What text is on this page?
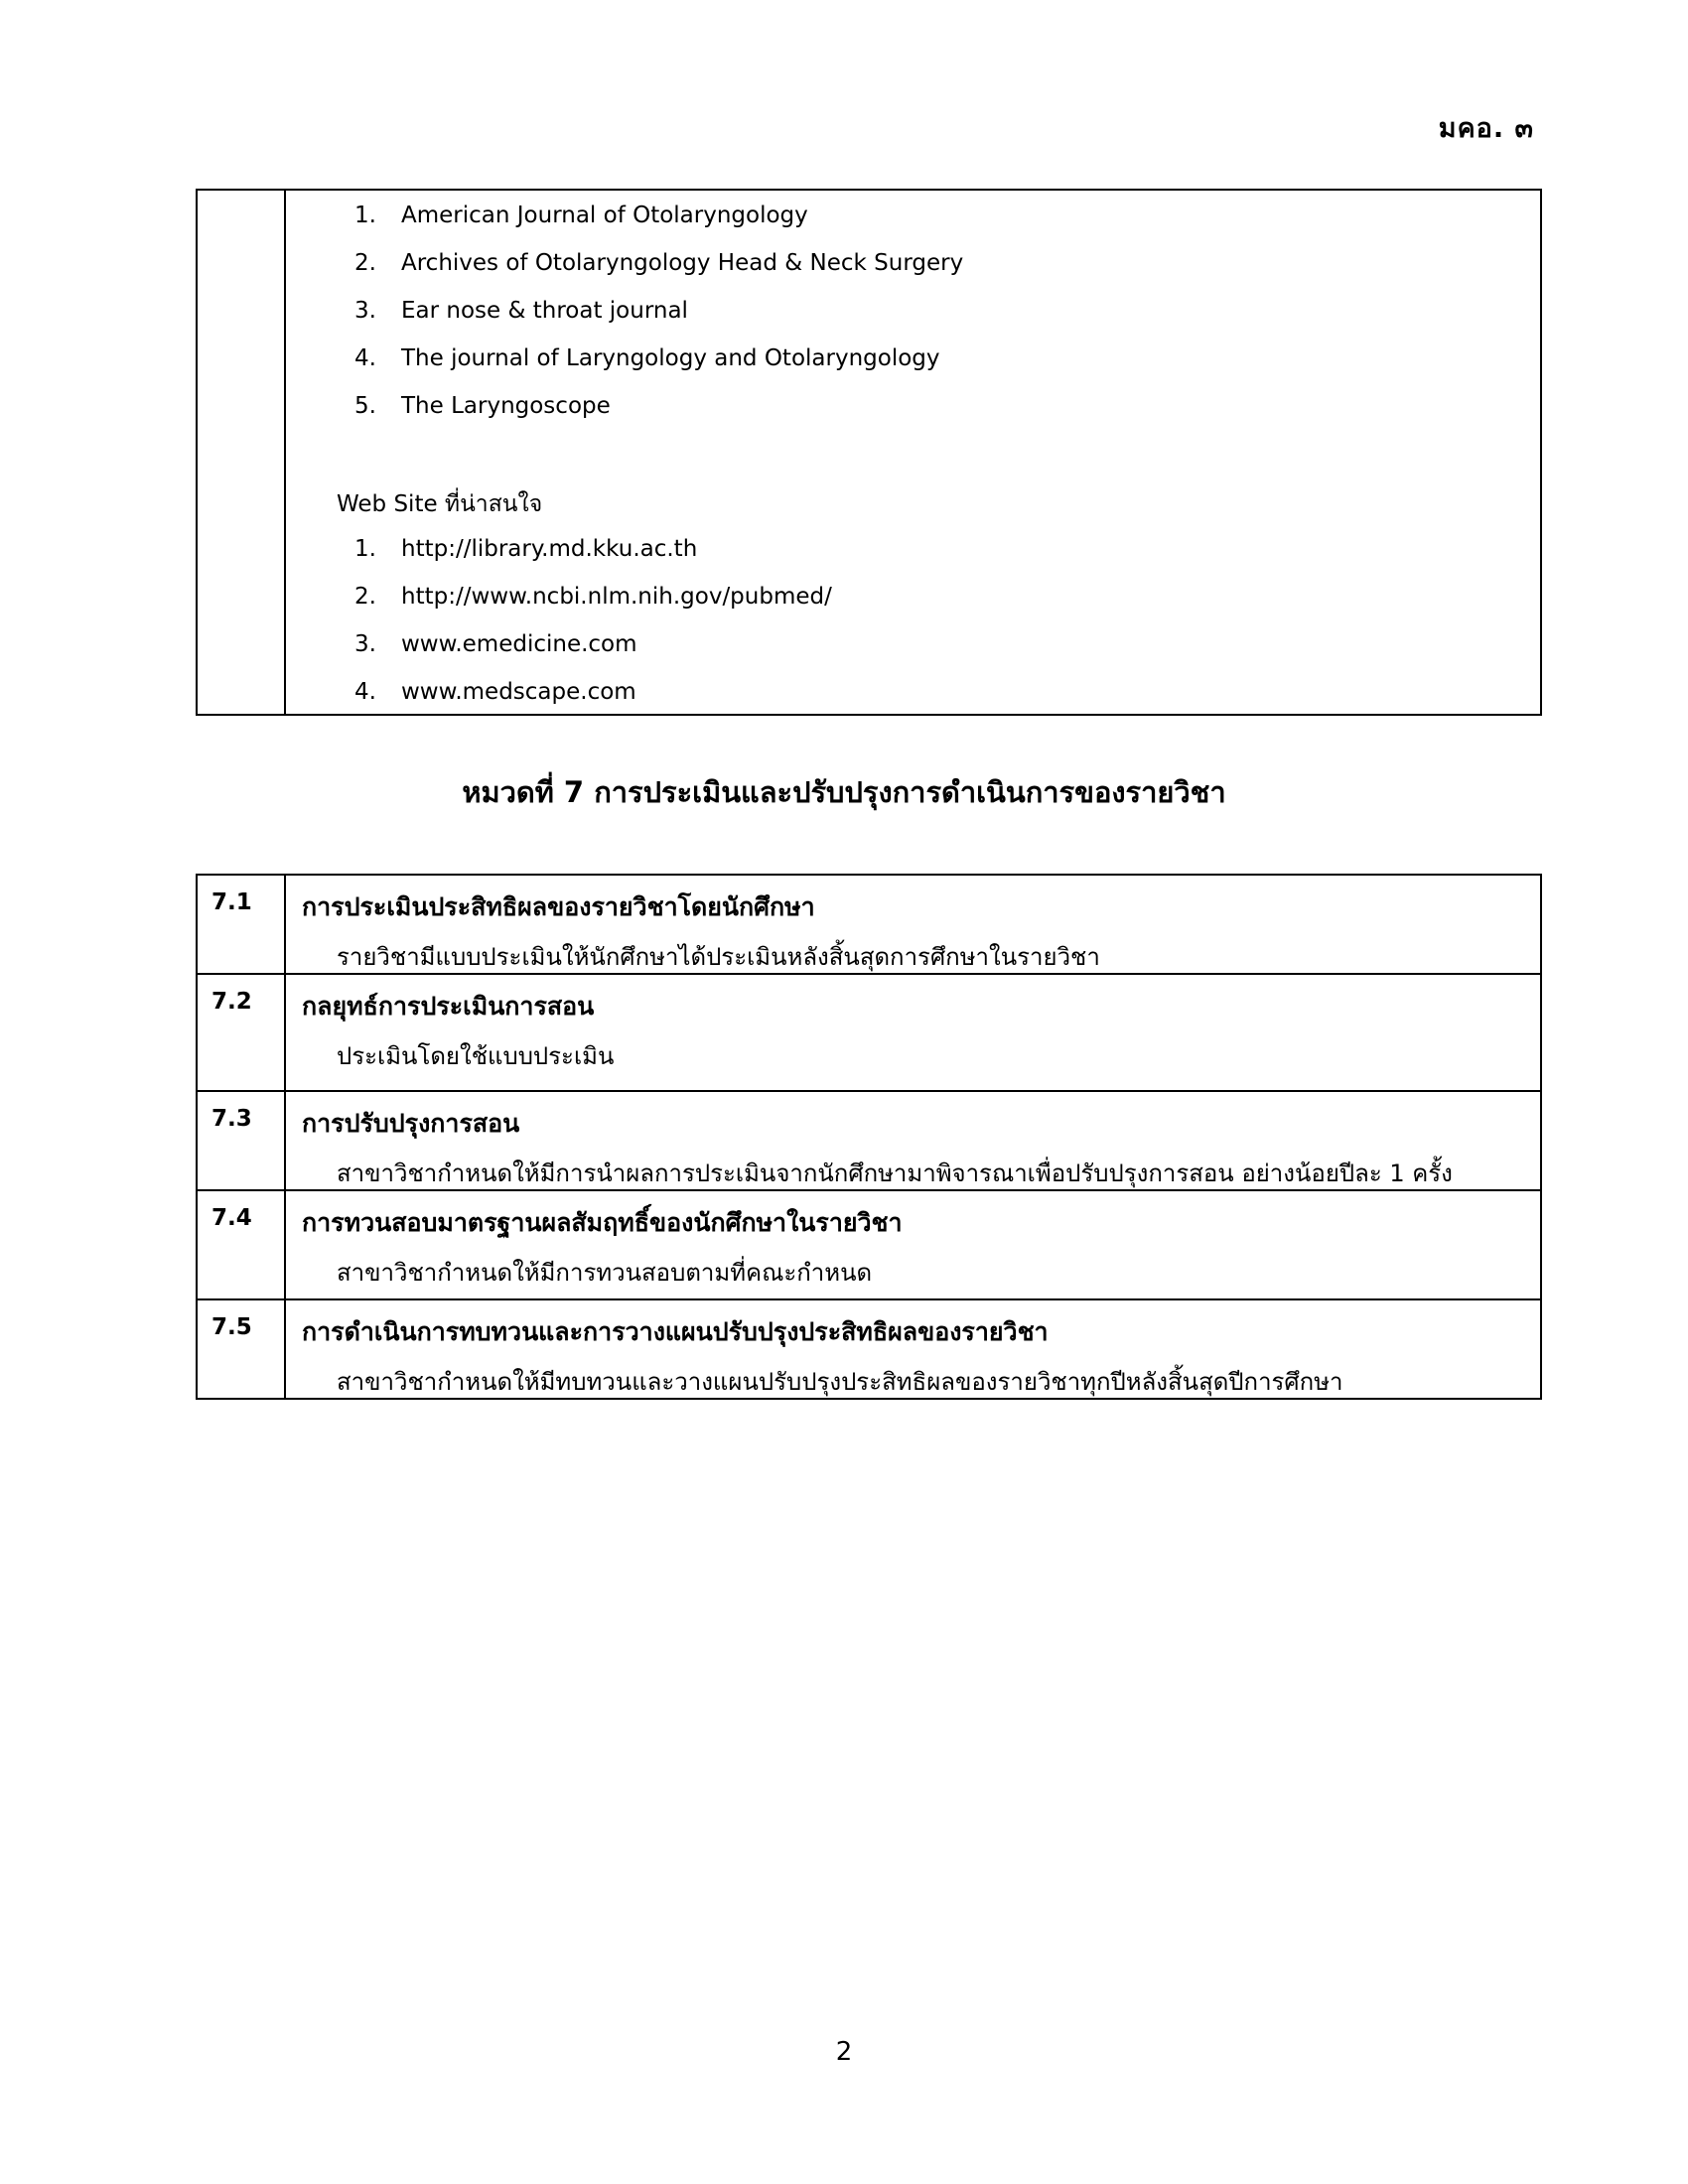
มคอ. ๓
1. American Journal of Otolaryngology
2. Archives of Otolaryngology Head & Neck Surgery
3. Ear nose & throat journal
4. The journal of Laryngology and Otolaryngology
5. The Laryngoscope
Web Site ที่น่าสนใจ
1. http://library.md.kku.ac.th
2. http://www.ncbi.nlm.nih.gov/pubmed/
3. www.emedicine.com
4. www.medscape.com
หมวดที่ 7 การประเมินและปรับปรุงการดำเนินการของรายวิชา
7.1	การประเมินประสิทธิผลของรายวิชาโดยนักศึกษา
รายวิชามีแบบประเมินให้นักศึกษาได้ประเมินหลังสิ้นสุดการศึกษาในรายวิชา
7.2	กลยุทธ์การประเมินการสอน
ประเมินโดยใช้แบบประเมิน
7.3	การปรับปรุงการสอน
สาขาวิชากำหนดให้มีการนำผลการประเมินจากนักศึกษามาพิจารณาเพื่อปรับปรุงการสอน อย่างน้อยปีละ 1 ครั้ง
7.4	การทวนสอบมาตรฐานผลสัมฤทธิ์ของนักศึกษาในรายวิชา
สาขาวิชากำหนดให้มีการทวนสอบตามที่คณะกำหนด
7.5	การดำเนินการทบทวนและการวางแผนปรับปรุงประสิทธิผลของรายวิชา
สาขาวิชากำหนดให้มีทบทวนและวางแผนปรับปรุงประสิทธิผลของรายวิชาทุกปีหลังสิ้นสุดปีการศึกษา
2
